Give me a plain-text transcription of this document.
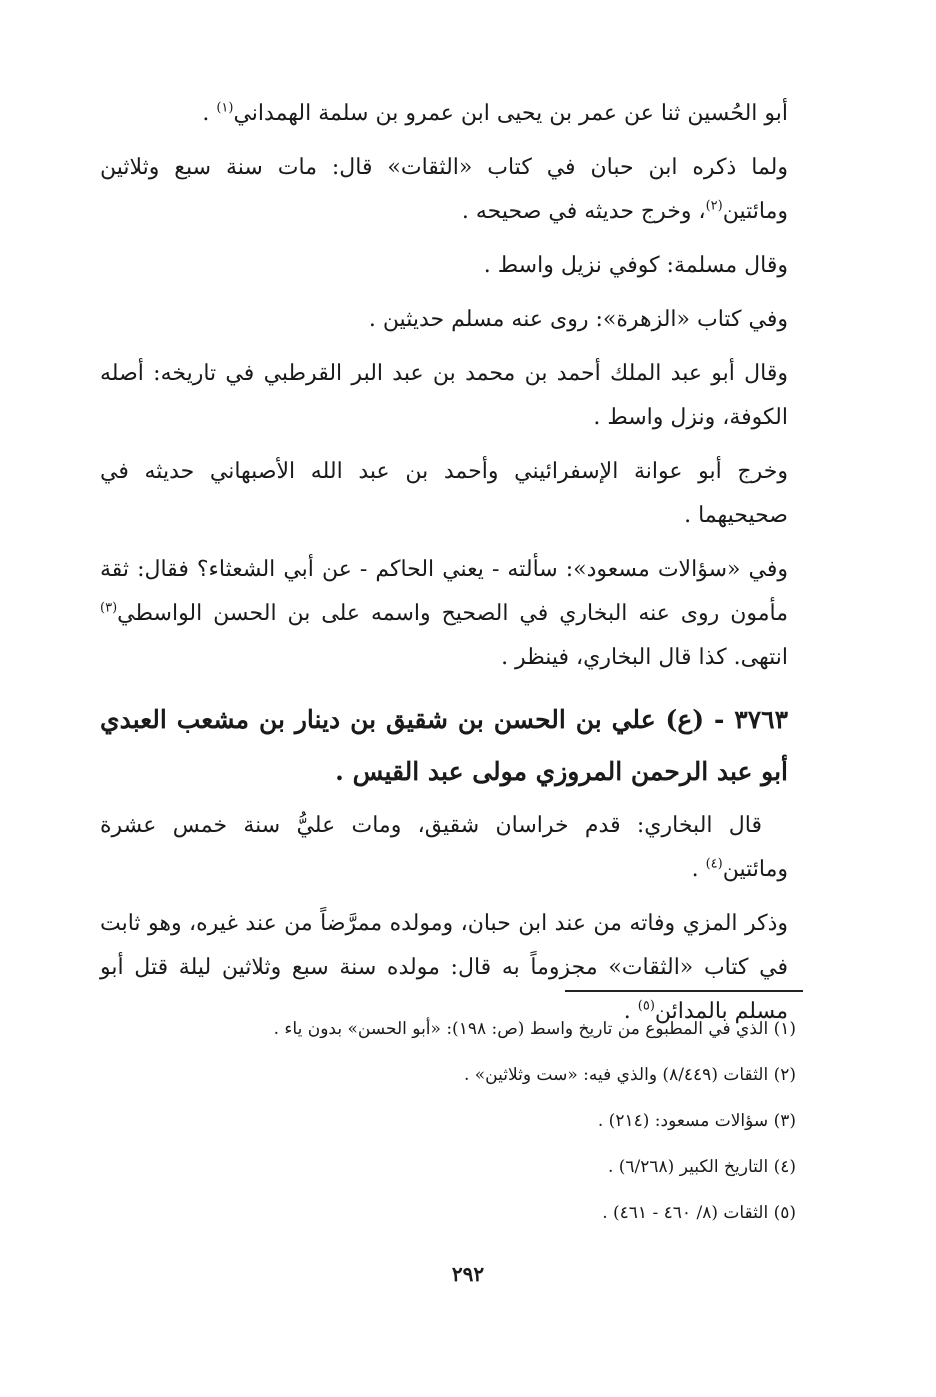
أبو الحُسين ثنا عن عمر بن يحيى ابن عمرو بن سلمة الهمداني$^{(١)}$ .

ولما ذكره ابن حبان في كتاب «الثقات» قال: مات سنة سبع وثلاثين ومائتين$^{(٢)}$، وخرج حديثه في صحيحه .

وقال مسلمة: كوفي نزيل واسط .

وفي كتاب «الزهرة»: روى عنه مسلم حديثين .

وقال أبو عبد الملك أحمد بن محمد بن عبد البر القرطبي في تاريخه: أصله الكوفة، ونزل واسط .

وخرج أبو عوانة الإسفرائيني وأحمد بن عبد الله الأصبهاني حديثه في صحيحيهما .

وفي «سؤالات مسعود»: سألته - يعني الحاكم - عن أبي الشعثاء؟ فقال: ثقة مأمون روى عنه البخاري في الصحيح واسمه على بن الحسن الواسطي$^{(٣)}$ انتهى. كذا قال البخاري، فينظر .

٣٧٦٣ - (ع) علي بن الحسن بن شقيق بن دينار بن مشعب العبدي أبو عبد الرحمن المروزي مولى عبد القيس .

قال البخاري: قدم خراسان شقيق، ومات عليُّ سنة خمس عشرة ومائتين$^{(٤)}$ .

وذكر المزي وفاته من عند ابن حبان، ومولده ممرَّضاً من عند غيره، وهو ثابت في كتاب «الثقات» مجزوماً به قال: مولده سنة سبع وثلاثين ليلة قتل أبو مسلم بالمدائن$^{(٥)}$ .

(١) الذي في المطبوع من تاريخ واسط (ص: ١٩٨): «أبو الحسن» بدون ياء .

(٢) الثقات (٨/٤٤٩) والذي فيه: «ست وثلاثين» .

(٣) سؤالات مسعود: (٢١٤) .

(٤) التاريخ الكبير (٦/٢٦٨) .

(٥) الثقات (٨/ ٤٦٠ - ٤٦١) .

٢٩٢
